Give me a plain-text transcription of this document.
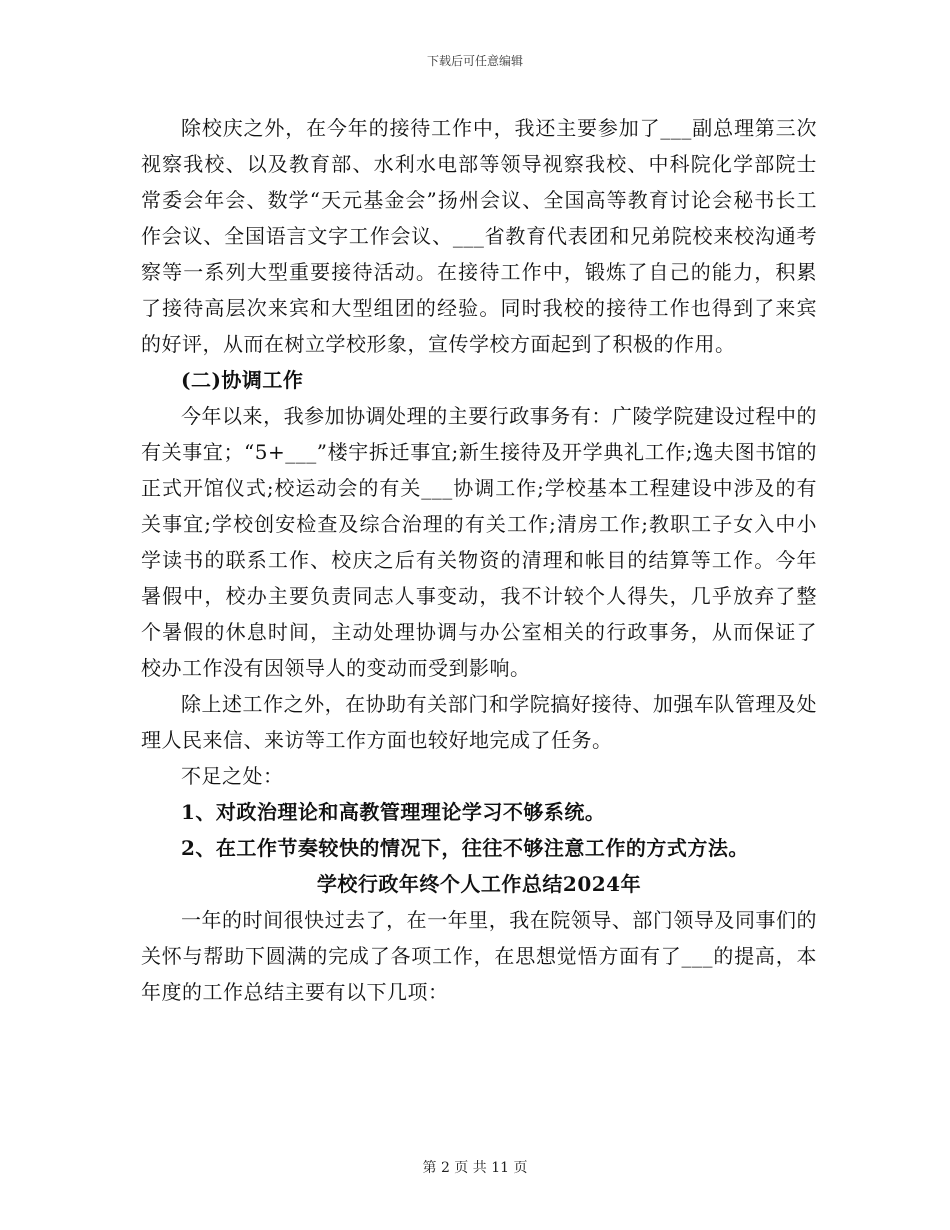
下载后可任意编辑

除校庆之外，在今年的接待工作中，我还主要参加了___副总理第三次视察我校、以及教育部、水利水电部等领导视察我校、中科院化学部院士常委会年会、数学“天元基金会”扬州会议、全国高等教育讨论会秘书长工作会议、全国语言文字工作会议、___省教育代表团和兄弟院校来校沟通考察等一系列大型重要接待活动。在接待工作中，锻炼了自己的能力，积累了接待高层次来宾和大型组团的经验。同时我校的接待工作也得到了来宾的好评，从而在树立学校形象，宣传学校方面起到了积极的作用。

(二)协调工作

今年以来，我参加协调处理的主要行政事务有：广陵学院建设过程中的有关事宜；“5+___”楼宇拆迁事宜;新生接待及开学典礼工作;逸夫图书馆的正式开馆仪式;校运动会的有关___协调工作;学校基本工程建设中涉及的有关事宜;学校创安检查及综合治理的有关工作;清房工作;教职工子女入中小学读书的联系工作、校庆之后有关物资的清理和帐目的结算等工作。今年暑假中，校办主要负责同志人事变动，我不计较个人得失，几乎放弃了整个暑假的休息时间，主动处理协调与办公室相关的行政事务，从而保证了校办工作没有因领导人的变动而受到影响。

除上述工作之外，在协助有关部门和学院搞好接待、加强车队管理及处理人民来信、来访等工作方面也较好地完成了任务。

不足之处：

1、对政治理论和高教管理理论学习不够系统。

2、在工作节奏较快的情况下，往往不够注意工作的方式方法。

学校行政年终个人工作总结2024年

一年的时间很快过去了，在一年里，我在院领导、部门领导及同事们的关怀与帮助下圆满的完成了各项工作，在思想觉悟方面有了___的提高，本年度的工作总结主要有以下几项：

第 2 页 共 11 页
